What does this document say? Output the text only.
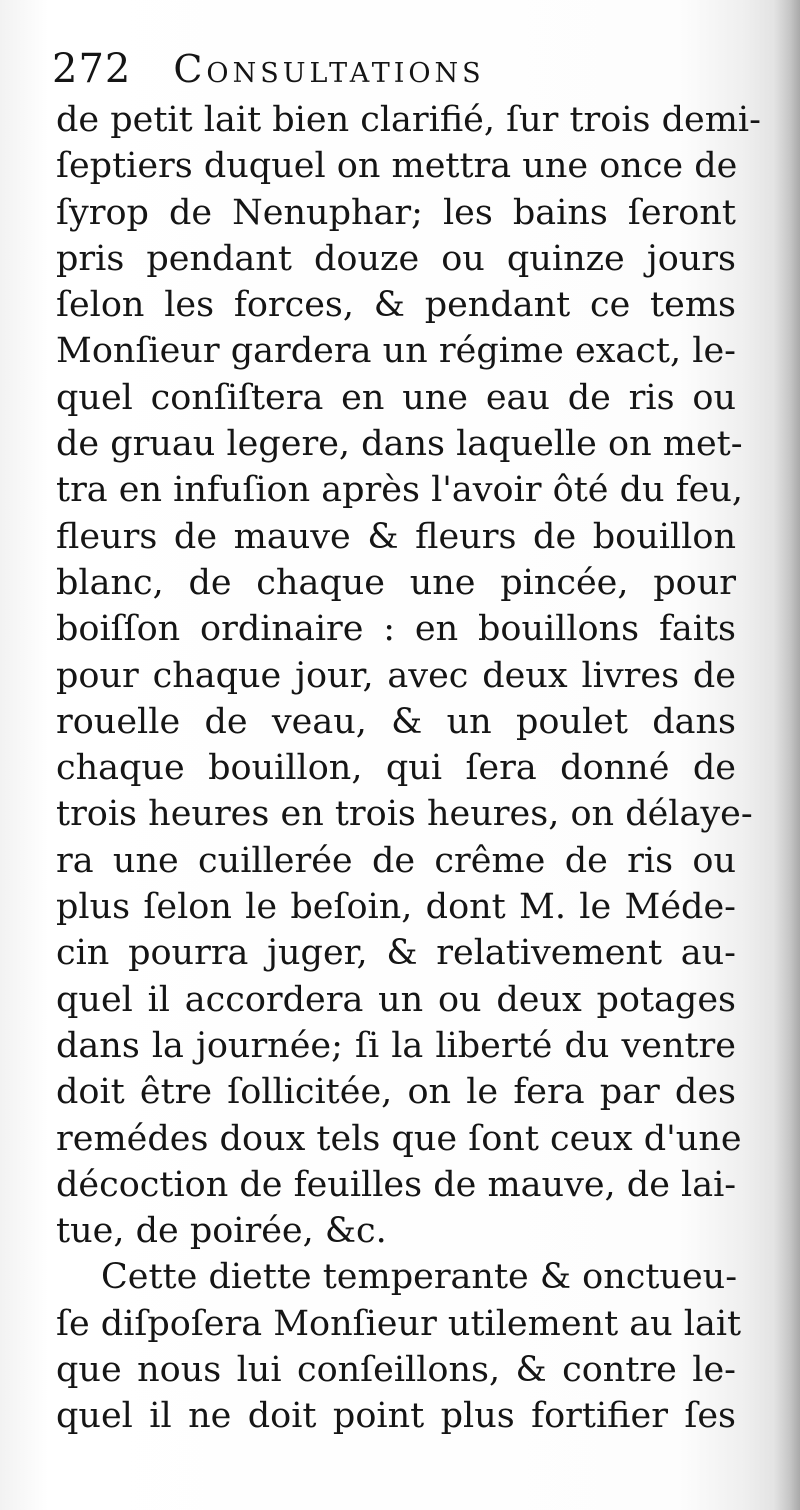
272 Consultations
de petit lait bien clarifié, ſur trois demi-
ſeptiers duquel on mettra une once de
ſyrop de Nenuphar; les bains ſeront
pris pendant douze ou quinze jours
ſelon les forces, & pendant ce tems
Monſieur gardera un régime exact, le-
quel conſiſtera en une eau de ris ou
de gruau legere, dans laquelle on met-
tra en infuſion après l'avoir ôté du feu,
fleurs de mauve & fleurs de bouillon
blanc, de chaque une pincée, pour
boiſſon ordinaire : en bouillons faits
pour chaque jour, avec deux livres de
rouelle de veau, & un poulet dans
chaque bouillon, qui ſera donné de
trois heures en trois heures, on délaye-
ra une cuillerée de crême de ris ou
plus ſelon le beſoin, dont M. le Méde-
cin pourra juger, & relativement au-
quel il accordera un ou deux potages
dans la journée; ſi la liberté du ventre
doit être ſollicitée, on le fera par des
remédes doux tels que ſont ceux d'une
décoction de feuilles de mauve, de lai-
tue, de poirée, &c.
Cette diette temperante & onctueu-
ſe diſpoſera Monſieur utilement au lait
que nous lui conſeillons, & contre le-
quel il ne doit point plus fortifier ſes
